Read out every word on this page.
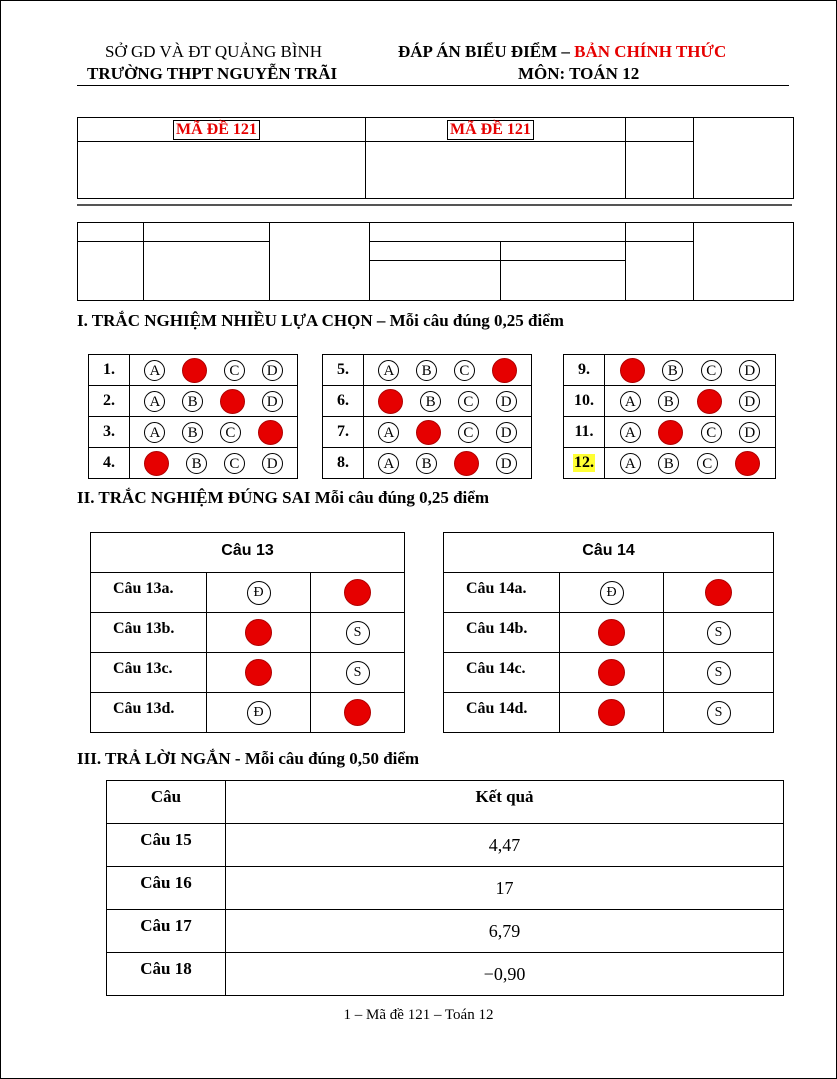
SỞ GD VÀ ĐT QUẢNG BÌNH
TRƯỜNG THPT NGUYỄN TRÃI
ĐÁP ÁN BIỂU ĐIỂM – BẢN CHÍNH THỨC
MÔN: TOÁN 12
MÃ ĐỀ 121	MÃ ĐỀ 121
I. TRẮC NGHIỆM NHIỀU LỰA CHỌN – Mỗi câu đúng 0,25 điểm
1.	A	C	D
2.	A	B	D
3.	A	B	C
4.	B	C	D
5.	A	B	C
6.	B	C	D
7.	A	C	D
8.	A	B	D
9.	B	C	D
10.	A	B	D
11.	A	C	D
12.	A	B	C
II. TRẮC NGHIỆM ĐÚNG SAI Mỗi câu đúng 0,25 điểm
Câu 13
Câu 13a.	Đ
Câu 13b.	S
Câu 13c.	S
Câu 13d.	Đ
Câu 14
Câu 14a.	Đ
Câu 14b.	S
Câu 14c.	S
Câu 14d.	S
III. TRẢ LỜI NGẮN - Mỗi câu đúng 0,50 điểm
Câu	Kết quả
Câu 15	4,47
Câu 16	17
Câu 17	6,79
Câu 18	−0,90
1 – Mã đề 121 – Toán 12
